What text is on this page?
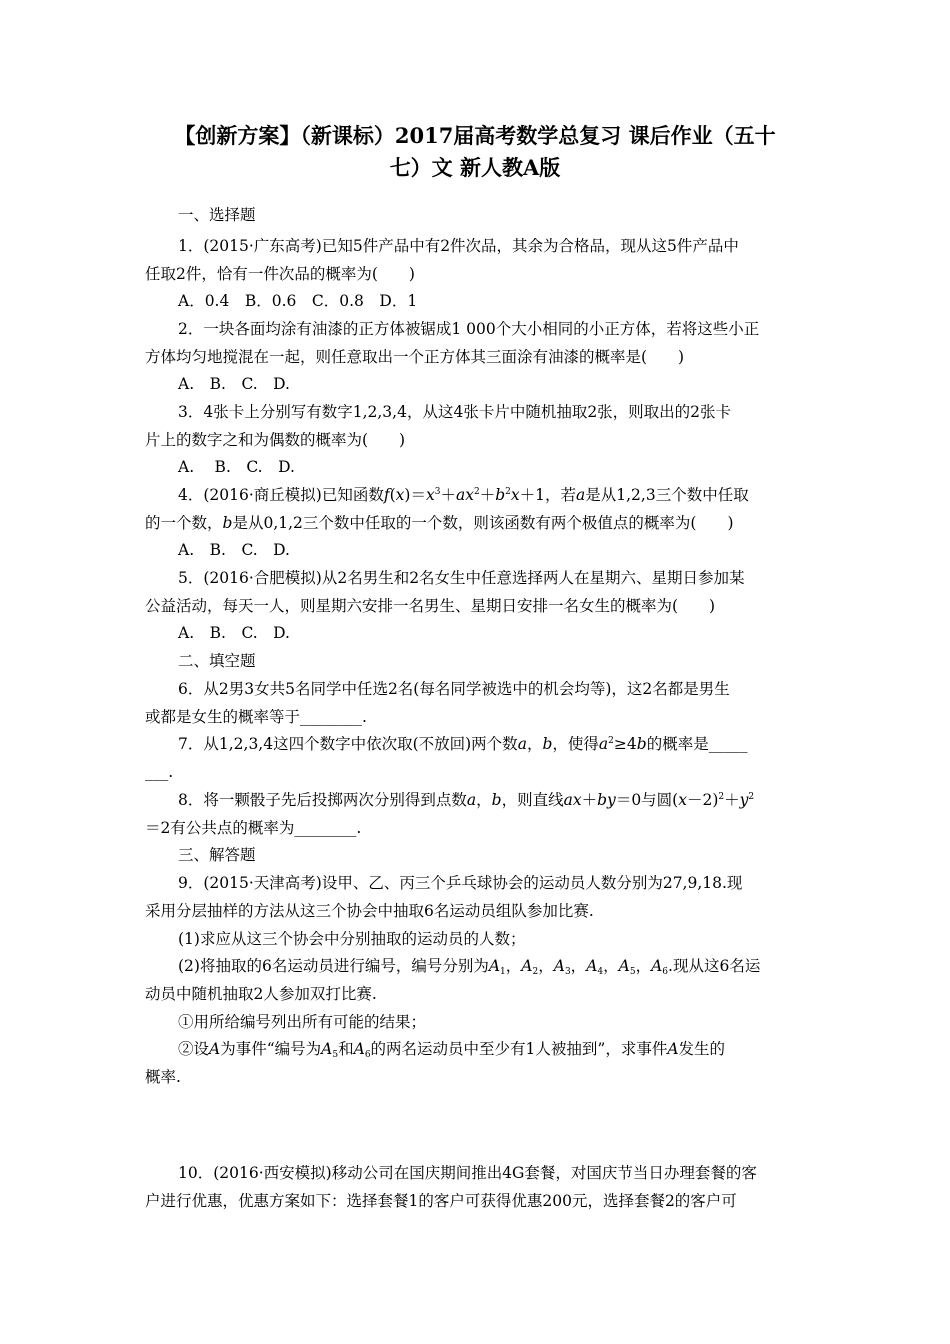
【创新方案】（新课标）2017届高考数学总复习 课后作业（五十
七）文 新人教A版
一、选择题
1．(2015·广东高考)已知5件产品中有2件次品，其余为合格品，现从这5件产品中
任取2件，恰有一件次品的概率为(　　)
A．0.4　B．0.6　C．0.8　D．1
2．一块各面均涂有油漆的正方体被锯成1 000个大小相同的小正方体，若将这些小正
方体均匀地搅混在一起，则任意取出一个正方体其三面涂有油漆的概率是(　　)
A.　B.　C.　D.
3．4张卡上分别写有数字1,2,3,4，从这4张卡片中随机抽取2张，则取出的2张卡
片上的数字之和为偶数的概率为(　　)
A.　 B.　C.　D.
4．(2016·商丘模拟)已知函数$f(x)=x^3+ax^2+b^2x+1$，若a是从1,2,3三个数中任取
的一个数，b是从0,1,2三个数中任取的一个数，则该函数有两个极值点的概率为(　　)
A.　B.　C.　D.
5．(2016·合肥模拟)从2名男生和2名女生中任意选择两人在星期六、星期日参加某
公益活动，每天一人，则星期六安排一名男生、星期日安排一名女生的概率为(　　)
A.　B.　C.　D.
二、填空题
6．从2男3女共5名同学中任选2名(每名同学被选中的机会均等)，这2名都是男生
或都是女生的概率等于________.
7．从1,2,3,4这四个数字中依次取(不放回)两个数a，b，使得$a^2\ge 4b$的概率是_____
___.
8．将一颗骰子先后投掷两次分别得到点数a，b，则直线ax＋by＝0与圆$(x-2)^2+y^2$
＝2有公共点的概率为________.
三、解答题
9．(2015·天津高考)设甲、乙、丙三个乒乓球协会的运动员人数分别为27,9,18.现
采用分层抽样的方法从这三个协会中抽取6名运动员组队参加比赛.
(1)求应从这三个协会中分别抽取的运动员的人数；
(2)将抽取的6名运动员进行编号，编号分别为$A_1$，$A_2$，$A_3$，$A_4$，$A_5$，$A_6$.现从这6名运
动员中随机抽取2人参加双打比赛.
①用所给编号列出所有可能的结果；
②设A为事件“编号为$A_5$和$A_6$的两名运动员中至少有1人被抽到”，求事件A发生的
概率.
10．(2016·西安模拟)移动公司在国庆期间推出4G套餐，对国庆节当日办理套餐的客
户进行优惠，优惠方案如下：选择套餐1的客户可获得优惠200元，选择套餐2的客户可
